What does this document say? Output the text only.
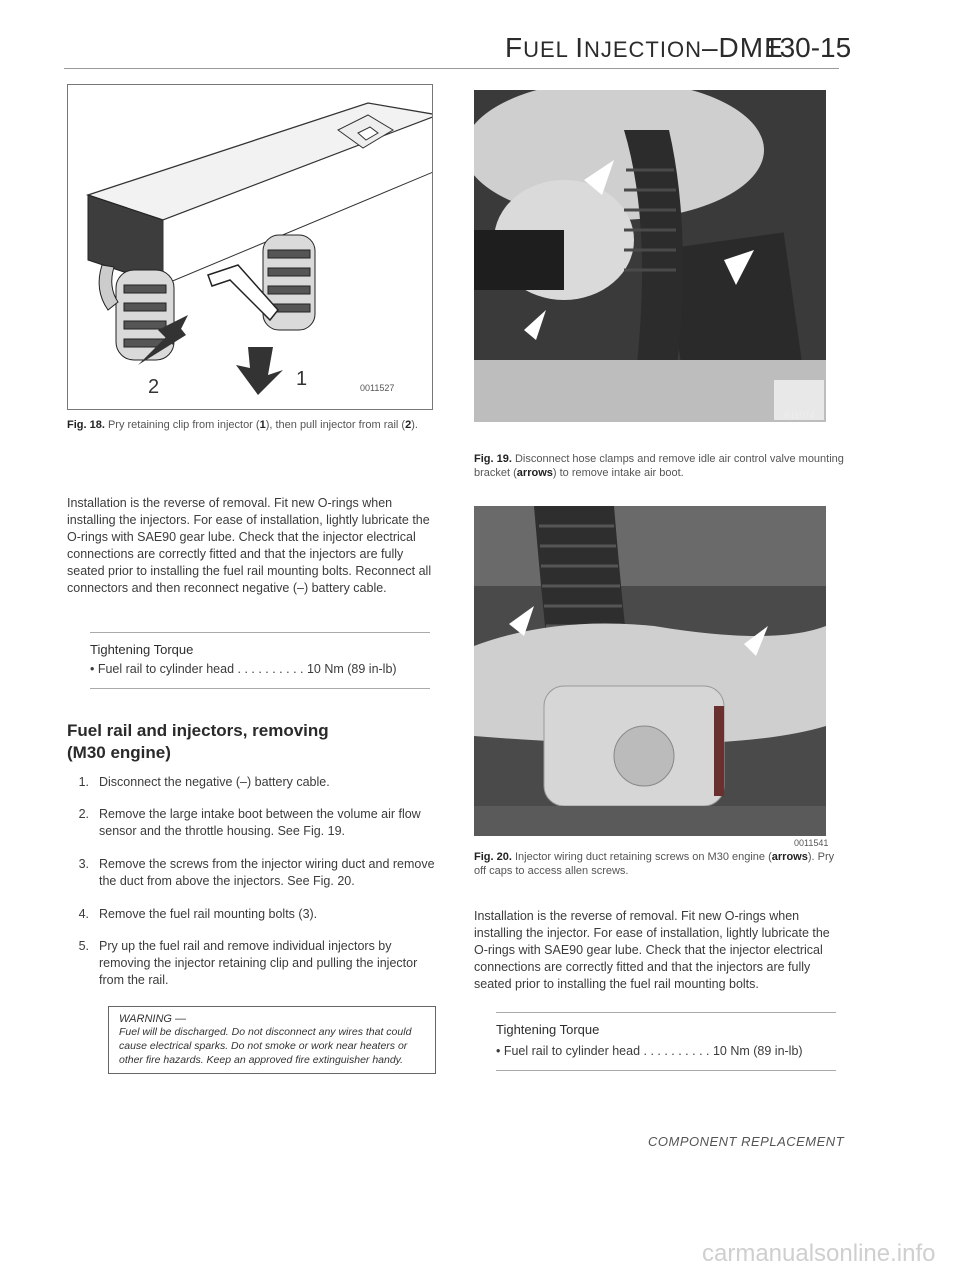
FUEL INJECTION–DME
130-15
2	1	0011527
Fig. 18. Pry retaining clip from injector (1), then pull injector from rail (2).
Installation is the reverse of removal. Fit new O-rings when installing the injectors. For ease of installation, lightly lubricate the O-rings with SAE90 gear lube. Check that the injector electrical connections are correctly fitted and that the injectors are fully seated prior to installing the fuel rail mounting bolts. Reconnect all connectors and then reconnect negative (–) battery cable.
Tightening Torque
• Fuel rail to cylinder head . . . . . . . . . . 10 Nm (89 in-lb)
Fuel rail and injectors, removing
(M30 engine)
1. Disconnect the negative (–) battery cable.
2. Remove the large intake boot between the volume air flow sensor and the throttle housing. See Fig. 19.
3. Remove the screws from the injector wiring duct and remove the duct from above the injectors. See Fig. 20.
4. Remove the fuel rail mounting bolts (3).
5. Pry up the fuel rail and remove individual injectors by removing the injector retaining clip and pulling the injector from the rail.
WARNING —
Fuel will be discharged. Do not disconnect any wires that could cause electrical sparks. Do not smoke or work near heaters or other fire hazards. Keep an approved fire extinguisher handy.
B11074
Fig. 19. Disconnect hose clamps and remove idle air control valve mounting bracket (arrows) to remove intake air boot.
0011541
Fig. 20. Injector wiring duct retaining screws on M30 engine (arrows). Pry off caps to access allen screws.
Installation is the reverse of removal. Fit new O-rings when installing the injector. For ease of installation, lightly lubricate the O-rings with SAE90 gear lube. Check that the injector electrical connections are correctly fitted and that the injectors are fully seated prior to installing the fuel rail mounting bolts.
Tightening Torque
• Fuel rail to cylinder head . . . . . . . . . . 10 Nm (89 in-lb)
COMPONENT REPLACEMENT
carmanualsonline.info
